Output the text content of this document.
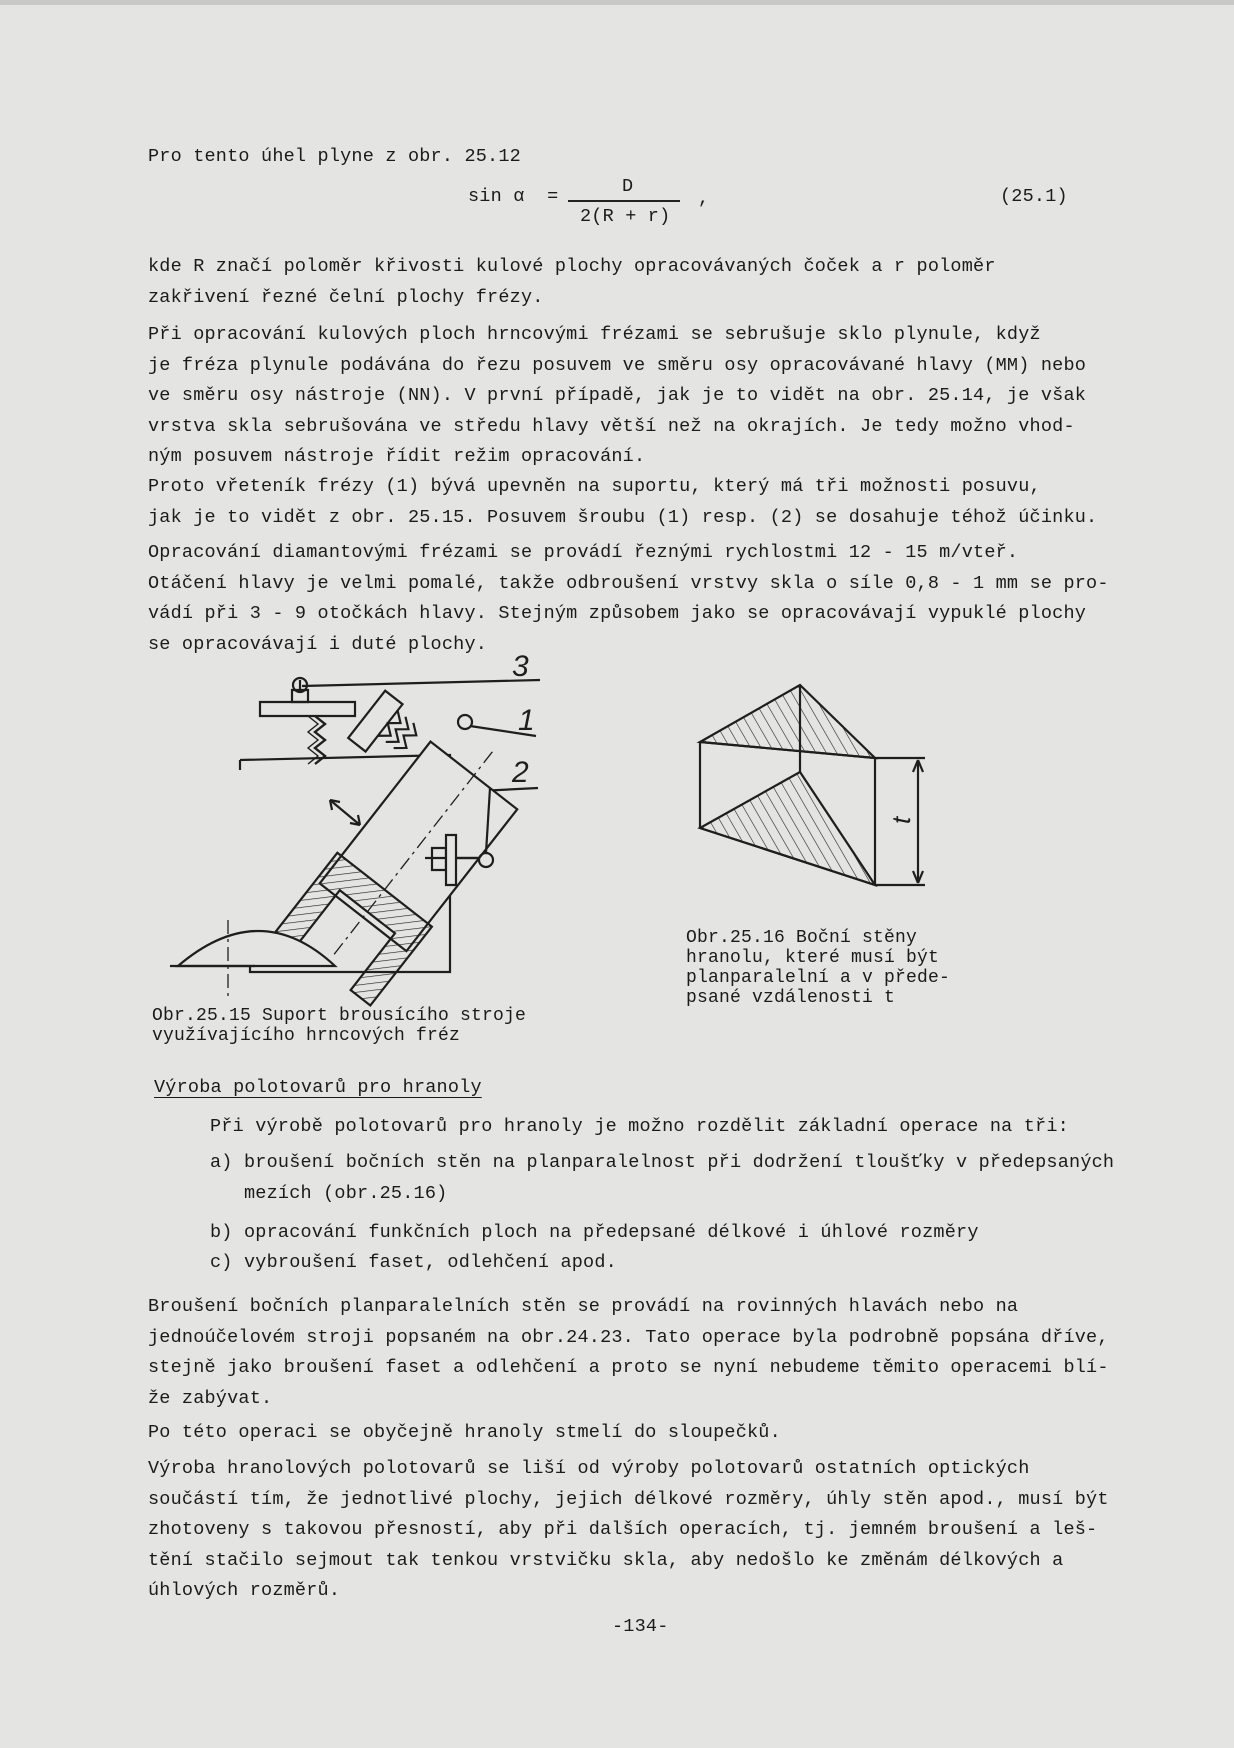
Pro tento úhel plyne z obr. 25.12
sin α  =	D
2(R + r)
,	(25.1)
kde R značí poloměr křivosti kulové plochy opracovávaných čoček a r poloměr
zakřivení řezné čelní plochy frézy.
Při opracování kulových ploch hrncovými frézami se sebrušuje sklo plynule, když
je fréza plynule podávána do řezu posuvem ve směru osy opracovávané hlavy (MM) nebo
ve směru osy nástroje (NN). V první případě, jak je to vidět na obr. 25.14, je však
vrstva skla sebrušována ve středu hlavy větší než na okrajích. Je tedy možno vhod-
ným posuvem nástroje řídit režim opracování.
Proto vřeteník frézy (1) bývá upevněn na suportu, který má tři možnosti posuvu,
jak je to vidět z obr. 25.15. Posuvem šroubu (1) resp. (2) se dosahuje téhož účinku.
Opracování diamantovými frézami se provádí řeznými rychlostmi 12 - 15 m/vteř.
Otáčení hlavy je velmi pomalé, takže odbroušení vrstvy skla o síle 0,8 - 1 mm se pro-
vádí při 3 - 9 otočkách hlavy. Stejným způsobem jako se opracovávají vypuklé plochy
se opracovávají i duté plochy.
3
1
2
t
Obr.25.16 Boční stěny
hranolu, které musí být
planparalelní a v přede-
psané vzdálenosti t
Obr.25.15 Suport brousícího stroje
využívajícího hrncových fréz
Výroba polotovarů pro hranoly
Při výrobě polotovarů pro hranoly je možno rozdělit základní operace na tři:
a) broušení bočních stěn na planparalelnost při dodržení tloušťky v předepsaných
mezích (obr.25.16)
b) opracování funkčních ploch na předepsané délkové i úhlové rozměry
c) vybroušení faset, odlehčení apod.
Broušení bočních planparalelních stěn se provádí na rovinných hlavách nebo na
jednoúčelovém stroji popsaném na obr.24.23. Tato operace byla podrobně popsána dříve,
stejně jako broušení faset a odlehčení a proto se nyní nebudeme těmito operacemi blí-
že zabývat.
Po této operaci se obyčejně hranoly stmelí do sloupečků.
Výroba hranolových polotovarů se liší od výroby polotovarů ostatních optických
součástí tím, že jednotlivé plochy, jejich délkové rozměry, úhly stěn apod., musí být
zhotoveny s takovou přesností, aby při dalších operacích, tj. jemném broušení a leš-
tění stačilo sejmout tak tenkou vrstvičku skla, aby nedošlo ke změnám délkových a
úhlových rozměrů.
-134-
